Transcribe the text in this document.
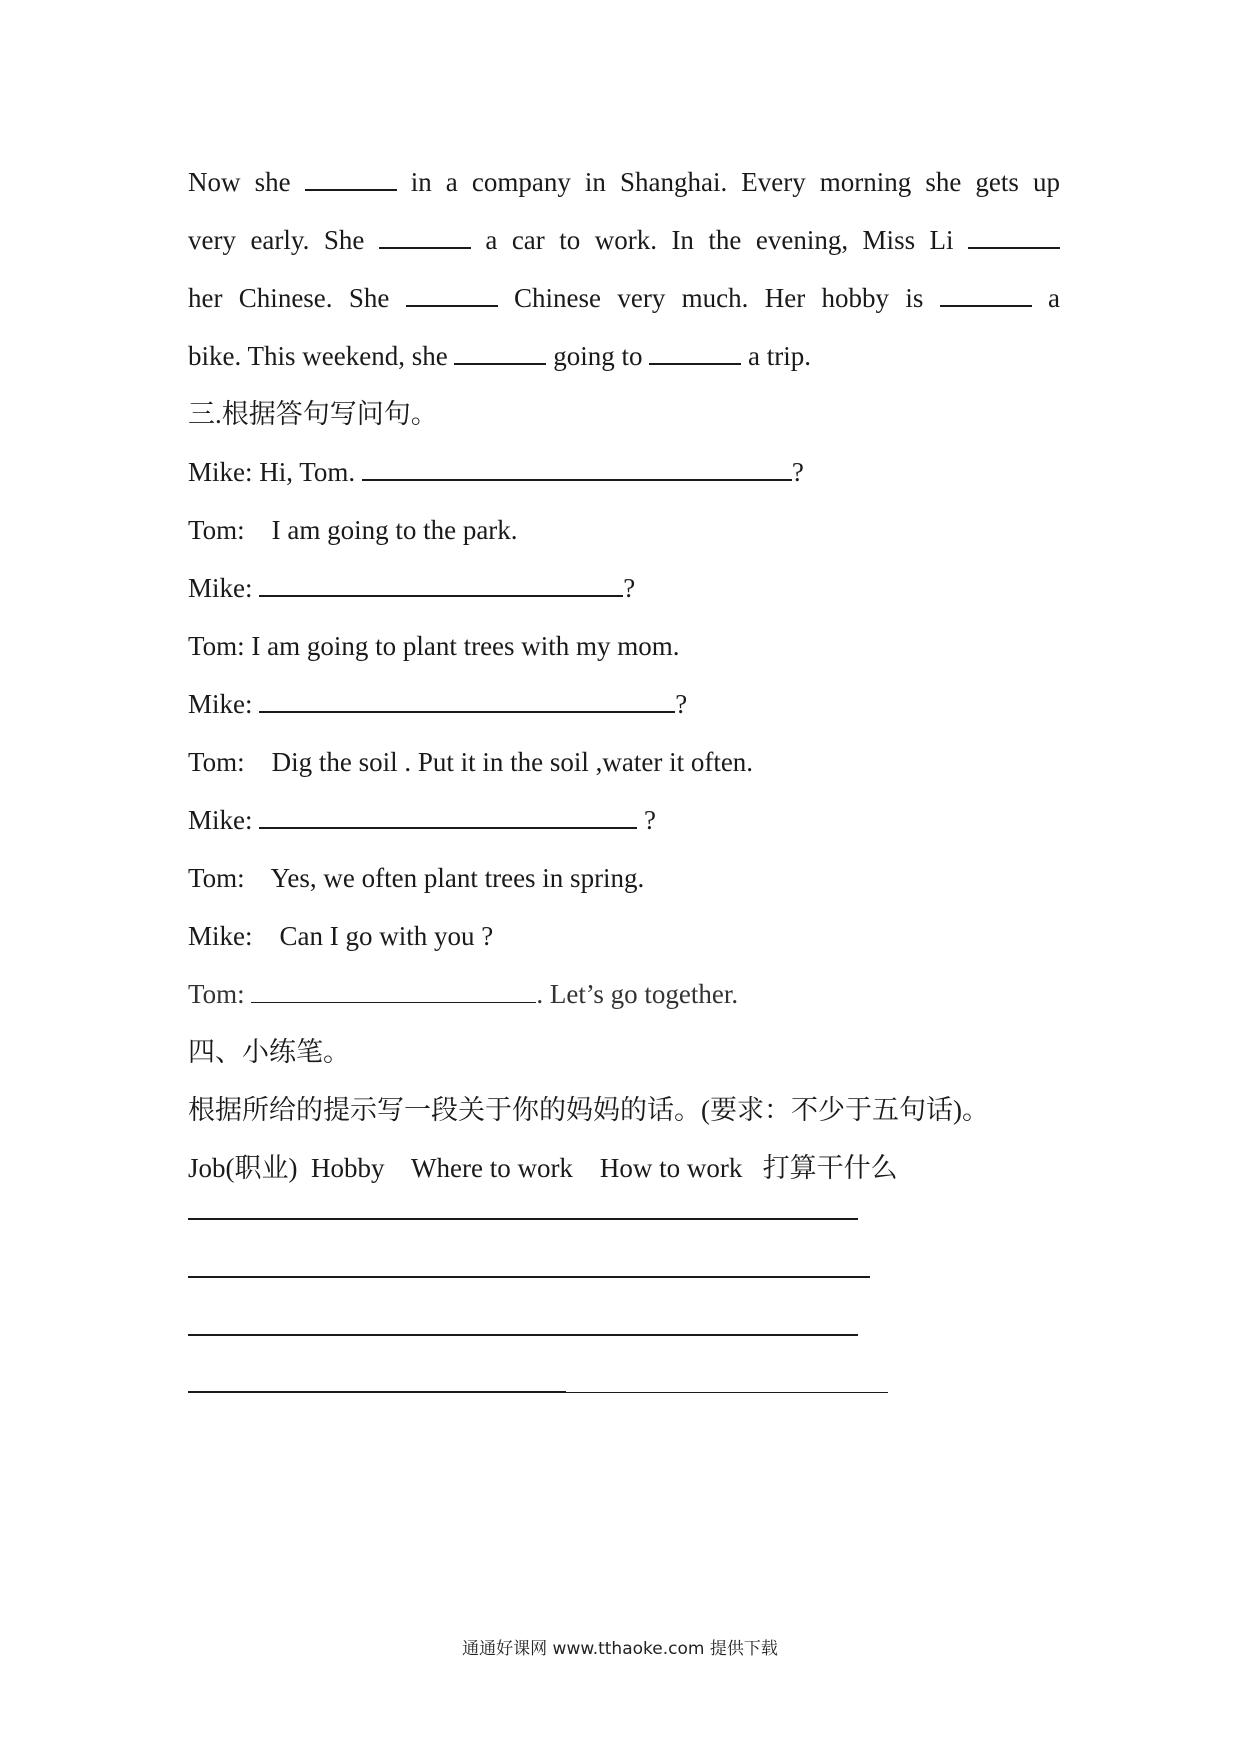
Now she	in a company in Shanghai. Every morning she gets up
very early. She	a car to work. In the evening, Miss Li
her Chinese. She	Chinese very much. Her hobby is	a
bike. This weekend, she	going to	a trip.
三.根据答句写问句。
Mike: Hi, Tom.	?
Tom:    I am going to the park.
Mike:	?
Tom: I am going to plant trees with my mom.
Mike:	?
Tom:    Dig the soil . Put it in the soil ,water it often.
Mike:	?
Tom:    Yes, we often plant trees in spring.
Mike:    Can I go with you ?
Tom:	. Let’s go together.
四、小练笔。
根据所给的提示写一段关于你的妈妈的话。(要求：不少于五句话)。
Job(职业)  Hobby    Where to work    How to work   打算干什么
通通好课网 www.tthaoke.com 提供下载
